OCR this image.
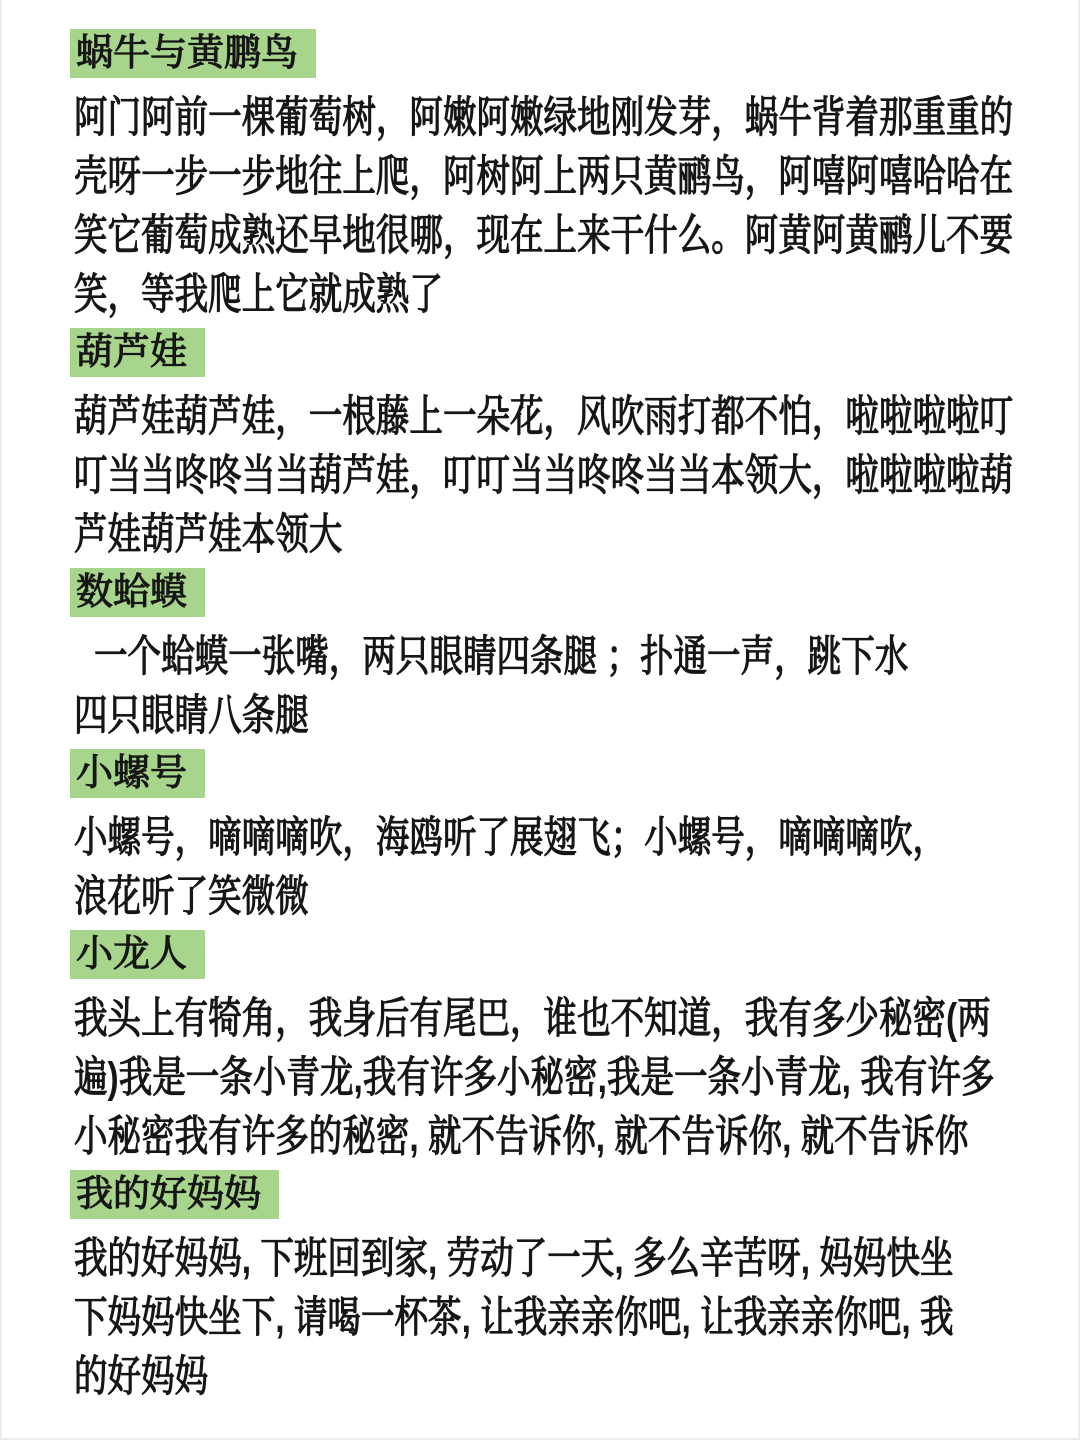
蜗牛与黄鹏鸟
阿门阿前一棵葡萄树，阿嫩阿嫩绿地刚发芽，蜗牛背着那重重的
壳呀一步一步地往上爬，阿树阿上两只黄鹂鸟，阿嘻阿嘻哈哈在
笑它葡萄成熟还早地很哪，现在上来干什么。阿黄阿黄鹂儿不要
笑，等我爬上它就成熟了
葫芦娃
葫芦娃葫芦娃，一根藤上一朵花，风吹雨打都不怕，啦啦啦啦叮
叮当当咚咚当当葫芦娃，叮叮当当咚咚当当本领大，啦啦啦啦葫
芦娃葫芦娃本领大
数蛤蟆
一个蛤蟆一张嘴，两只眼睛四条腿 ；扑通一声，跳下水
四只眼睛八条腿
小螺号
小螺号，嘀嘀嘀吹，海鸥听了展翅飞；小螺号，嘀嘀嘀吹，
浪花听了笑微微
小龙人
我头上有犄角，我身后有尾巴，谁也不知道，我有多少秘密(两
遍)我是一条小青龙,我有许多小秘密,我是一条小青龙, 我有许多
小秘密我有许多的秘密, 就不告诉你, 就不告诉你, 就不告诉你
我的好妈妈
我的好妈妈, 下班回到家, 劳动了一天, 多么辛苦呀, 妈妈快坐
下妈妈快坐下, 请喝一杯茶, 让我亲亲你吧, 让我亲亲你吧, 我
的好妈妈
